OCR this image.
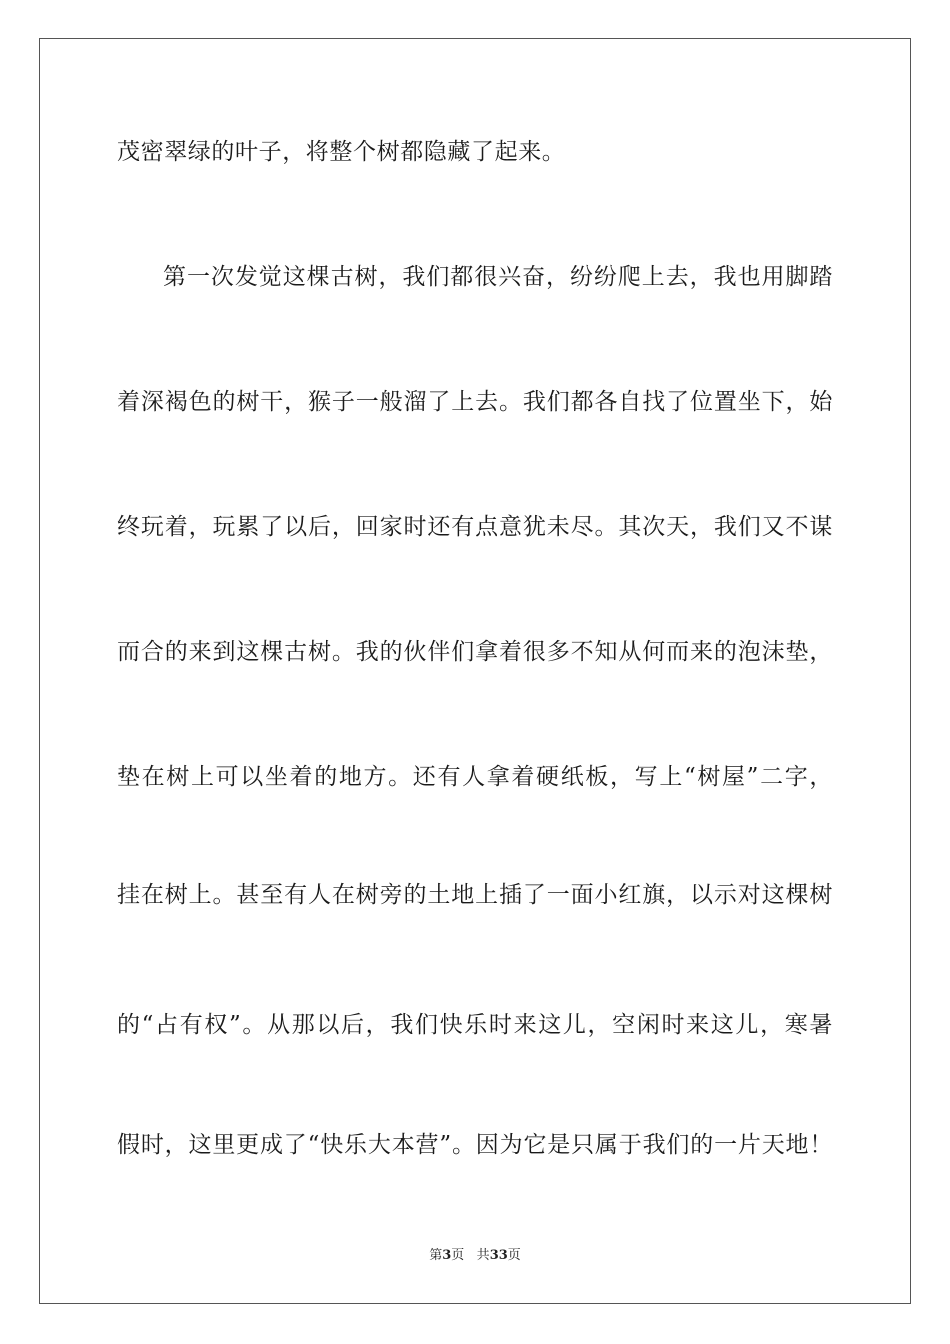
茂密翠绿的叶子，将整个树都隐藏了起来。
第一次发觉这棵古树，我们都很兴奋，纷纷爬上去，我也用脚踏
着深褐色的树干，猴子一般溜了上去。我们都各自找了位置坐下，始
终玩着，玩累了以后，回家时还有点意犹未尽。其次天，我们又不谋
而合的来到这棵古树。我的伙伴们拿着很多不知从何而来的泡沫垫，
垫在树上可以坐着的地方。还有人拿着硬纸板，写上“树屋”二字，
挂在树上。甚至有人在树旁的土地上插了一面小红旗，以示对这棵树
的“占有权”。从那以后，我们快乐时来这儿，空闲时来这儿，寒暑
假时，这里更成了“快乐大本营”。因为它是只属于我们的一片天地！
第3页 共33页
